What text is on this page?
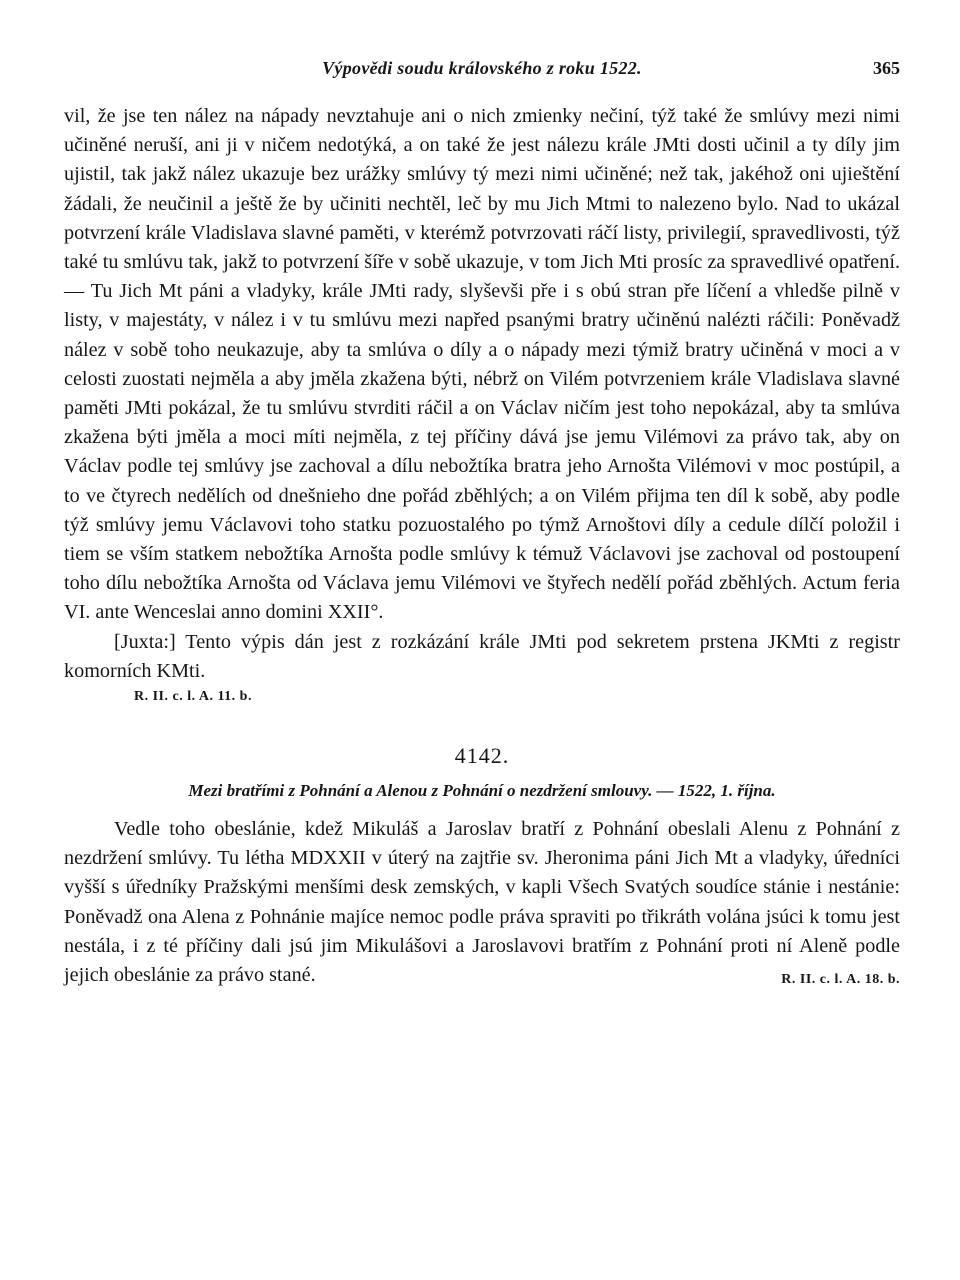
Výpovědi soudu královského z roku 1522.	365

vil, že jse ten nález na nápady nevztahuje ani o nich zmienky nečiní, týž také že smlúvy mezi nimi učiněné neruší, ani ji v ničem nedotýká, a on také že jest nálezu krále JMti dosti učinil a ty díly jim ujistil, tak jakž nález ukazuje bez urážky smlúvy tý mezi nimi učiněné; než tak, jakéhož oni ujieštění žádali, že neučinil a ještě že by učiniti nechtěl, leč by mu Jich Mtmi to nalezeno bylo. Nad to ukázal potvrzení krále Vladislava slavné paměti, v kterémž potvrzovati ráčí listy, privilegií, spravedlivosti, týž také tu smlúvu tak, jakž to potvrzení šíře v sobě ukazuje, v tom Jich Mti prosíc za spravedlivé opatření. — Tu Jich Mt páni a vladyky, krále JMti rady, slyševši pře i s obú stran pře líčení a vhledše pilně v listy, v majestáty, v nález i v tu smlúvu mezi napřed psanými bratry učiněnú nalézti ráčili: Poněvadž nález v sobě toho neukazuje, aby ta smlúva o díly a o nápady mezi týmiž bratry učiněná v moci a v celosti zuostati nejměla a aby jměla zkažena býti, nébrž on Vilém potvrzeniem krále Vladislava slavné paměti JMti pokázal, že tu smlúvu stvrditi ráčil a on Václav ničím jest toho nepokázal, aby ta smlúva zkažena býti jměla a moci míti nejměla, z tej příčiny dává jse jemu Vilémovi za právo tak, aby on Václav podle tej smlúvy jse zachoval a dílu nebožtíka bratra jeho Arnošta Vilémovi v moc postúpil, a to ve čtyrech nedělích od dnešnieho dne pořád zběhlých; a on Vilém přijma ten díl k sobě, aby podle týž smlúvy jemu Václavovi toho statku pozuostalého po týmž Arnoštovi díly a cedule dílčí položil i tiem se vším statkem nebožtíka Arnošta podle smlúvy k témuž Václavovi jse zachoval od postoupení toho dílu nebožtíka Arnošta od Václava jemu Vilémovi ve štyřech nedělí pořád zběhlých. Actum feria VI. ante Wenceslai anno domini XXII°.

[Juxta:] Tento výpis dán jest z rozkázání krále JMti pod sekretem prstena JKMti z registr komorních KMti.

R. II. c. l. A. 11. b.
4142.
Mezi bratřími z Pohnání a Alenou z Pohnání o nezdržení smlouvy. — 1522, 1. října.

Vedle toho obeslánie, kdež Mikuláš a Jaroslav bratří z Pohnání obeslali Alenu z Pohnání z nezdržení smlúvy. Tu létha MDXXII v úterý na zajtřie sv. Jheronima páni Jich Mt a vladyky, úředníci vyšší s úředníky Pražskými menšími desk zemských, v kapli Všech Svatých soudíce stánie i nestánie: Poněvadž ona Alena z Pohnánie majíce nemoc podle práva spraviti po třikráth volána jsúci k tomu jest nestála, i z té příčiny dali jsú jim Mikulášovi a Jaroslavovi bratřím z Pohnání proti ní Aleně podle jejich obeslánie za právo stané.	R. II. c. l. A. 18. b.
